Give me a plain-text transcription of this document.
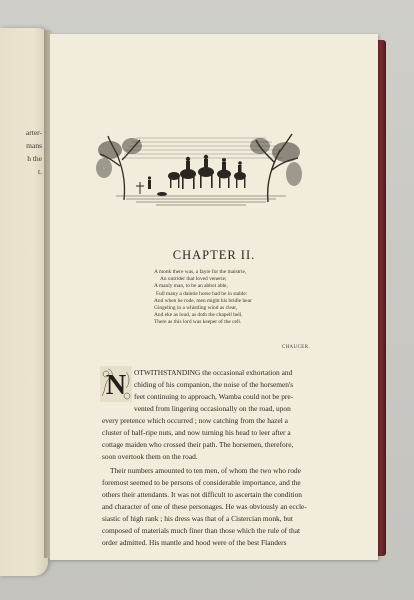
arter-
mans
h the
t.
CHAPTER II.
A monk there was, a fayre for the maistrie,
An outrider that loved venerie;
A manly man, to be an abbot able,
Full many a daintie horse had he in stable:
And when he rode, men might his bridle hear
Gingeling in a whistling wind as clear,
And eke as loud, as doth the chapell bell,
There as this lord was keeper of the cell.
CHAUCER.
N OTWITHSTANDING the occasional exhortation and
chiding of his companion, the noise of the horsemen's
feet continuing to approach, Wamba could not be pre-
vented from lingering occasionally on the road, upon
every pretence which occurred ; now catching from the hazel a
cluster of half-ripe nuts, and now turning his head to leer after a
cottage maiden who crossed their path. The horsemen, therefore,
soon overtook them on the road.
Their numbers amounted to ten men, of whom the two who rode
foremost seemed to be persons of considerable importance, and the
others their attendants. It was not difficult to ascertain the condition
and character of one of these personages. He was obviously an eccle-
siastic of high rank ; his dress was that of a Cistercian monk, but
composed of materials much finer than those which the rule of that
order admitted. His mantle and hood were of the best Flanders
